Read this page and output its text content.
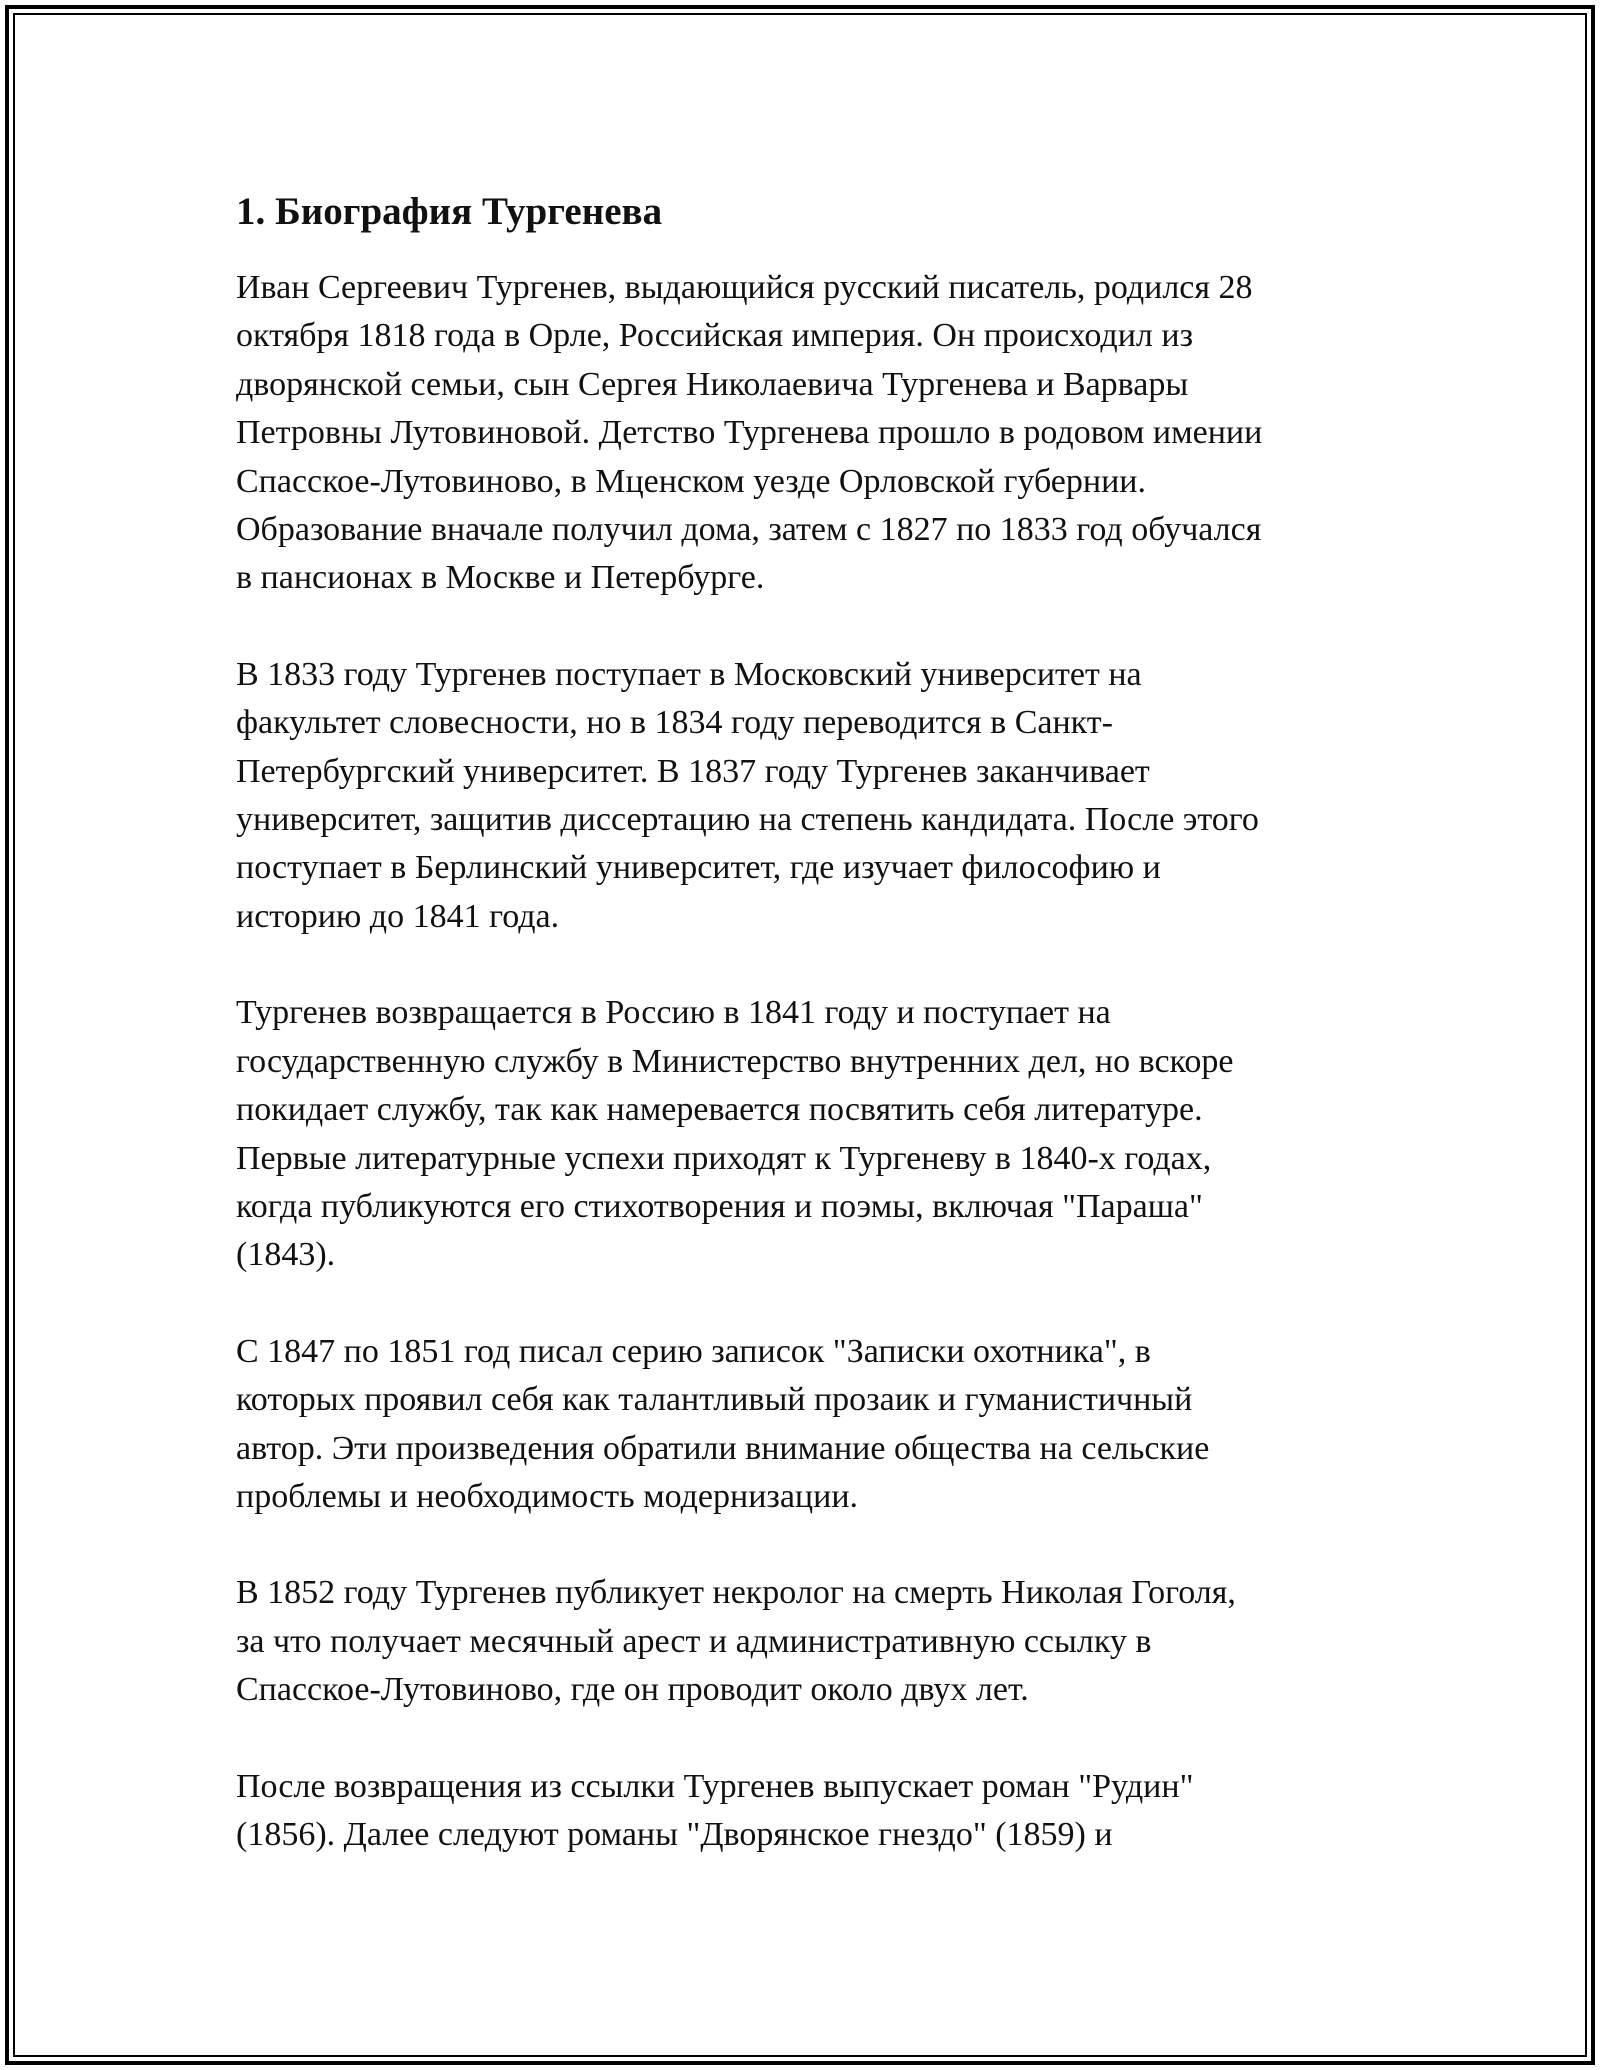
1. Биография Тургенева

Иван Сергеевич Тургенев, выдающийся русский писатель, родился 28
октября 1818 года в Орле, Российская империя. Он происходил из
дворянской семьи, сын Сергея Николаевича Тургенева и Варвары
Петровны Лутовиновой. Детство Тургенева прошло в родовом имении
Спасское-Лутовиново, в Мценском уезде Орловской губернии.
Образование вначале получил дома, затем с 1827 по 1833 год обучался
в пансионах в Москве и Петербурге.

В 1833 году Тургенев поступает в Московский университет на
факультет словесности, но в 1834 году переводится в Санкт-
Петербургский университет. В 1837 году Тургенев заканчивает
университет, защитив диссертацию на степень кандидата. После этого
поступает в Берлинский университет, где изучает философию и
историю до 1841 года.

Тургенев возвращается в Россию в 1841 году и поступает на
государственную службу в Министерство внутренних дел, но вскоре
покидает службу, так как намеревается посвятить себя литературе.
Первые литературные успехи приходят к Тургеневу в 1840-х годах,
когда публикуются его стихотворения и поэмы, включая "Параша"
(1843).

С 1847 по 1851 год писал серию записок "Записки охотника", в
которых проявил себя как талантливый прозаик и гуманистичный
автор. Эти произведения обратили внимание общества на сельские
проблемы и необходимость модернизации.

В 1852 году Тургенев публикует некролог на смерть Николая Гоголя,
за что получает месячный арест и административную ссылку в
Спасское-Лутовиново, где он проводит около двух лет.

После возвращения из ссылки Тургенев выпускает роман "Рудин"
(1856). Далее следуют романы "Дворянское гнездо" (1859) и
